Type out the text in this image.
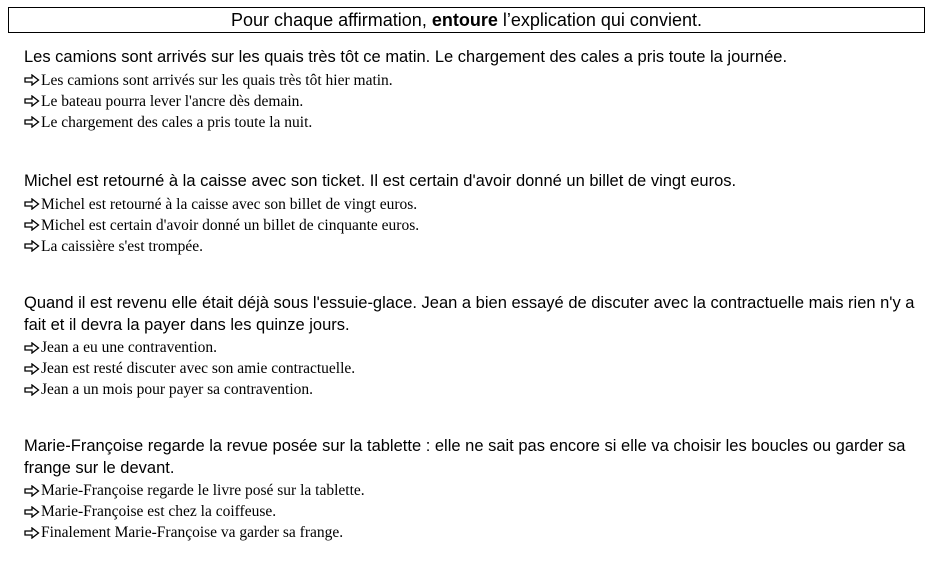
Pour chaque affirmation, entoure l’explication qui convient.

Les camions sont arrivés sur les quais très tôt ce matin. Le chargement des cales a pris toute la journée.

Les camions sont arrivés sur les quais très tôt hier matin.
Le bateau pourra lever l'ancre dès demain.
Le chargement des cales a pris toute la nuit.

Michel est retourné à la caisse avec son ticket. Il est certain d'avoir donné un billet de vingt euros.

Michel est retourné à la caisse avec son billet de vingt euros.
Michel est certain d'avoir donné un billet de cinquante euros.
La caissière s'est trompée.

Quand il est revenu elle était déjà sous l'essuie-glace. Jean a bien essayé de discuter avec la contractuelle mais rien n'y a fait et il devra la payer dans les quinze jours.

Jean a eu une contravention.
Jean est resté discuter avec son amie contractuelle.
Jean a un mois pour payer sa contravention.

Marie-Françoise regarde la revue posée sur la tablette : elle ne sait pas encore si elle va choisir les boucles ou garder sa frange sur le devant.

Marie-Françoise regarde le livre posé sur la tablette.
Marie-Françoise est chez la coiffeuse.
Finalement Marie-Françoise va garder sa frange.
